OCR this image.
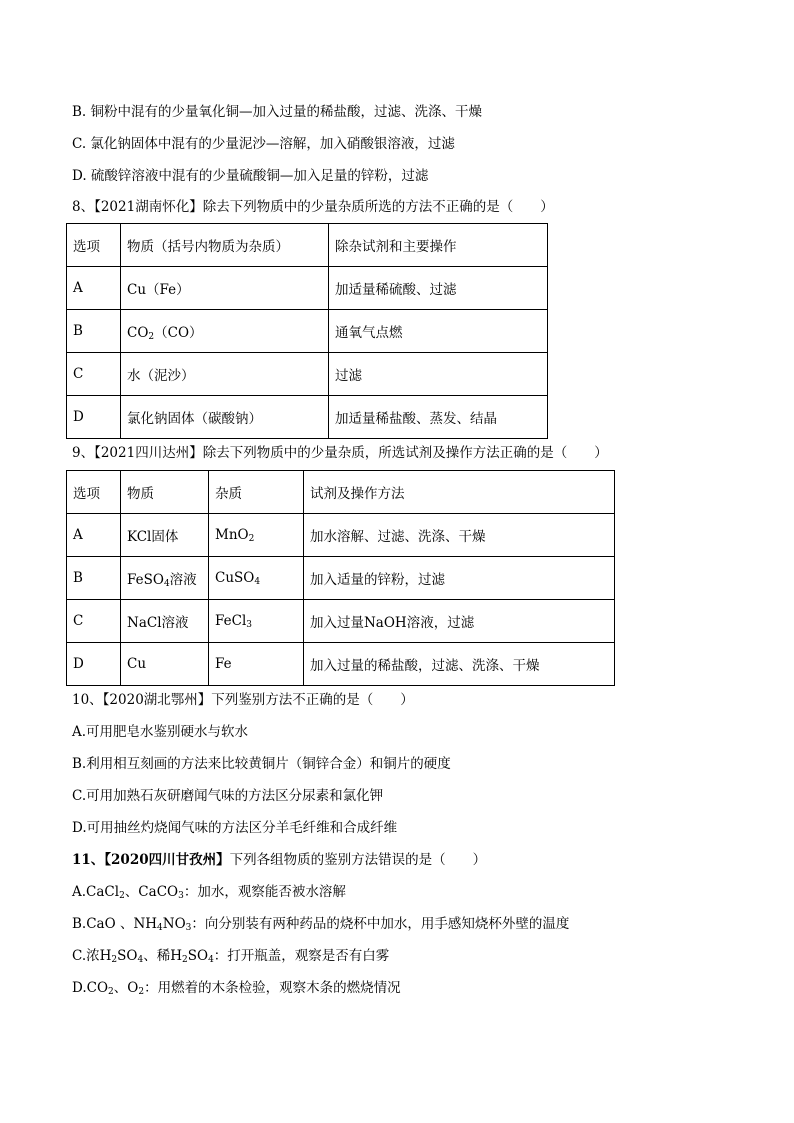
B. 铜粉中混有的少量氧化铜—加入过量的稀盐酸，过滤、洗涤、干燥
C. 氯化钠固体中混有的少量泥沙—溶解，加入硝酸银溶液，过滤
D. 硫酸锌溶液中混有的少量硫酸铜—加入足量的锌粉，过滤
8、【2021湖南怀化】除去下列物质中的少量杂质所选的方法不正确的是（　　）
选项	物质（括号内物质为杂质）	除杂试剂和主要操作
A	Cu（Fe）	加适量稀硫酸、过滤
B	$CO_2(CO)$	通氧气点燃
C	水（泥沙）	过滤
D	氯化钠固体（碳酸钠）	加适量稀盐酸、蒸发、结晶
9、【2021四川达州】除去下列物质中的少量杂质，所选试剂及操作方法正确的是（　　）
选项	物质	杂质	试剂及操作方法
A	KCl固体	MnO$_2$	加水溶解、过滤、洗涤、干燥
B	FeSO$_4$溶液	CuSO$_4$	加入适量的锌粉，过滤
C	NaCl溶液	FeCl$_3$	加入过量NaOH溶液，过滤
D	Cu	Fe	加入过量的稀盐酸，过滤、洗涤、干燥
10、【2020湖北鄂州】下列鉴别方法不正确的是（　　）
A.可用肥皂水鉴别硬水与软水
B.利用相互刻画的方法来比较黄铜片（铜锌合金）和铜片的硬度
C.可用加熟石灰研磨闻气味的方法区分尿素和氯化钾
D.可用抽丝灼烧闻气味的方法区分羊毛纤维和合成纤维
11、【2020四川甘孜州】下列各组物质的鉴别方法错误的是（　　）
A.CaCl$_2$、CaCO$_3$：加水，观察能否被水溶解
B.CaO 、$NH_4NO_3$：向分别装有两种药品的烧杯中加水，用手感知烧杯外壁的温度
C.浓$H_2SO_4$、稀$H_2SO_4$：打开瓶盖，观察是否有白雾
$D.CO_2$、$O_2$：用燃着的木条检验，观察木条的燃烧情况
